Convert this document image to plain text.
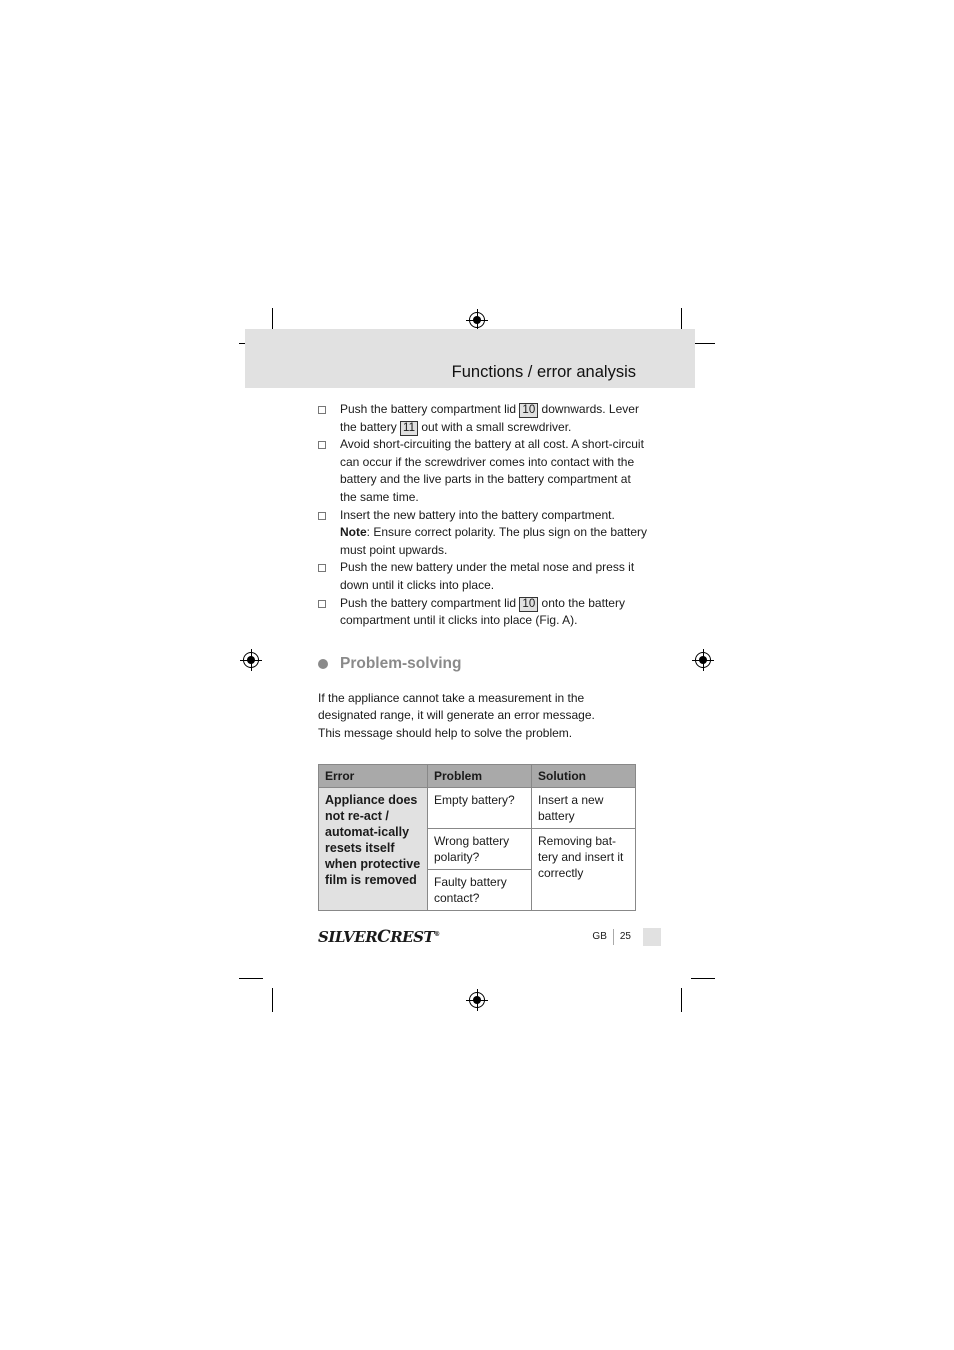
Functions / error analysis
Push the battery compartment lid 10 downwards. Lever the battery 11 out with a small screwdriver.
Avoid short-circuiting the battery at all cost. A short-circuit can occur if the screwdriver comes into contact with the battery and the live parts in the battery compartment at the same time.
Insert the new battery into the battery compartment.
Note: Ensure correct polarity. The plus sign on the battery must point upwards.
Push the new battery under the metal nose and press it down until it clicks into place.
Push the battery compartment lid 10 onto the battery compartment until it clicks into place (Fig. A).
Problem-solving
If the appliance cannot take a measurement in the designated range, it will generate an error message. This message should help to solve the problem.
Error	Problem	Solution
Appliance does not re-act / automat-ically resets itself when protective film is removed	Empty battery?	Insert a new battery
	Wrong battery polarity?	Removing bat-tery and insert it correctly
	Faulty battery contact?	
SILVERCREST®	GB 25
